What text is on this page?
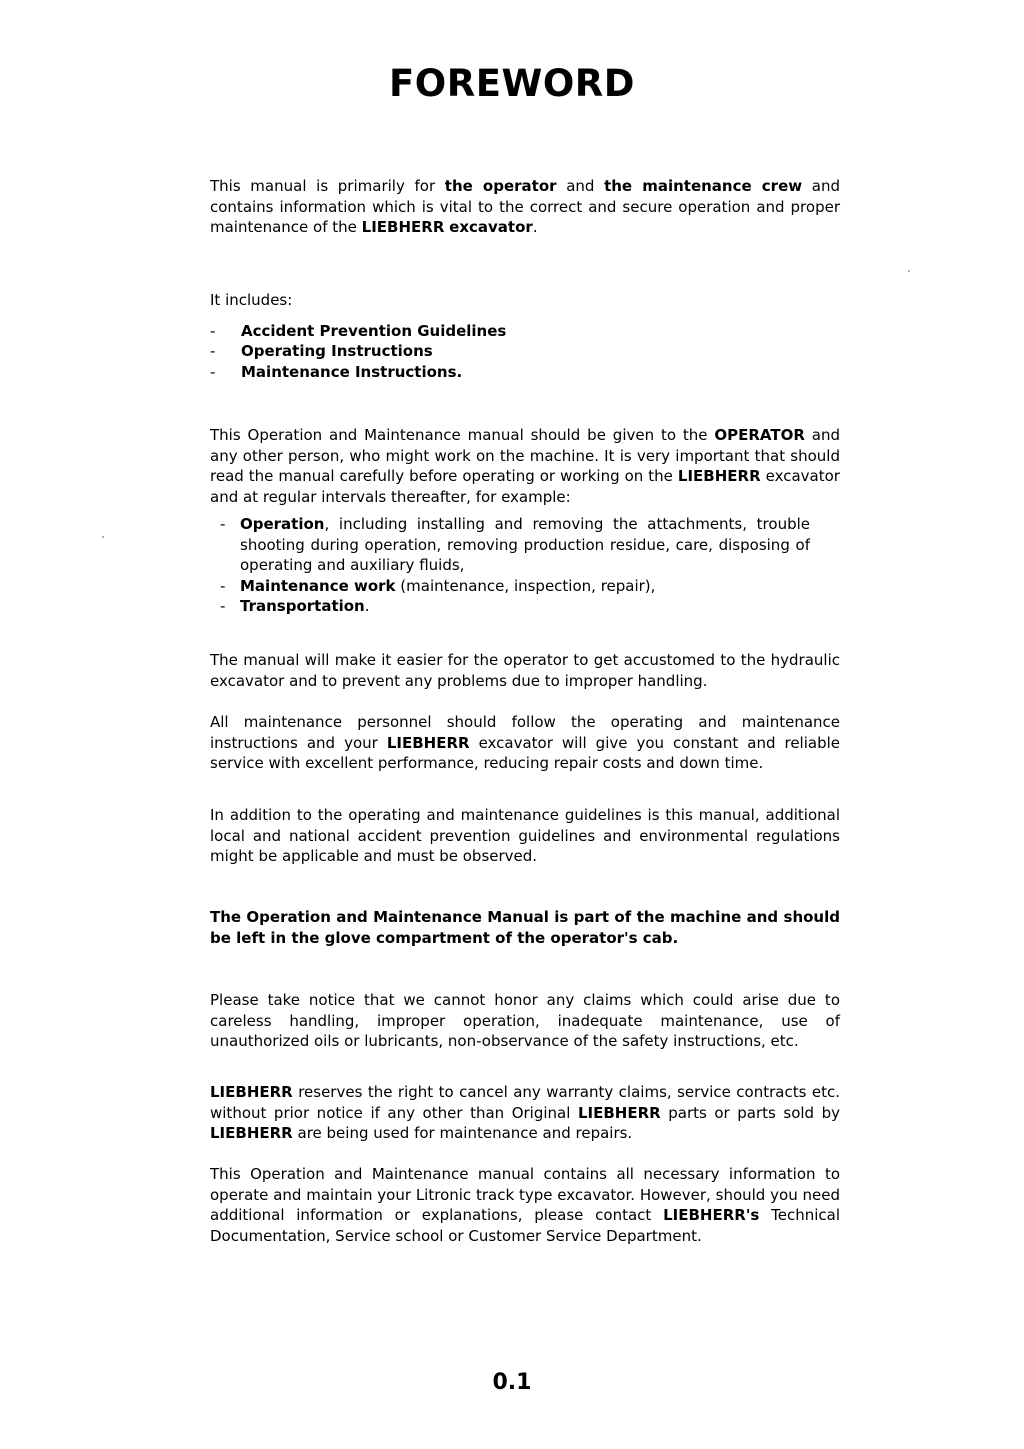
FOREWORD

This manual is primarily for the operator and the maintenance crew and contains information which is vital to the correct and secure operation and proper maintenance of the LIEBHERR excavator.

It includes:

- Accident Prevention Guidelines
- Operating Instructions
- Maintenance Instructions.

This Operation and Maintenance manual should be given to the OPERATOR and any other person, who might work on the machine. It is very important that should read the manual carefully before operating or working on the LIEBHERR excavator and at regular intervals thereafter, for example:

- Operation, including installing and removing the attachments, trouble shooting during operation, removing production residue, care, disposing of operating and auxiliary fluids,
- Maintenance work (maintenance, inspection, repair),
- Transportation.

The manual will make it easier for the operator to get accustomed to the hydraulic excavator and to prevent any problems due to improper handling.

All maintenance personnel should follow the operating and maintenance instructions and your LIEBHERR excavator will give you constant and reliable service with excellent performance, reducing repair costs and down time.

In addition to the operating and maintenance guidelines is this manual, additional local and national accident prevention guidelines and environmental regulations might be applicable and must be observed.

The Operation and Maintenance Manual is part of the machine and should be left in the glove compartment of the operator's cab.

Please take notice that we cannot honor any claims which could arise due to careless handling, improper operation, inadequate maintenance, use of unauthorized oils or lubricants, non-observance of the safety instructions, etc.

LIEBHERR reserves the right to cancel any warranty claims, service contracts etc. without prior notice if any other than Original LIEBHERR parts or parts sold by LIEBHERR are being used for maintenance and repairs.

This Operation and Maintenance manual contains all necessary information to operate and maintain your Litronic track type excavator. However, should you need additional information or explanations, please contact LIEBHERR's Technical Documentation, Service school or Customer Service Department.

0.1
